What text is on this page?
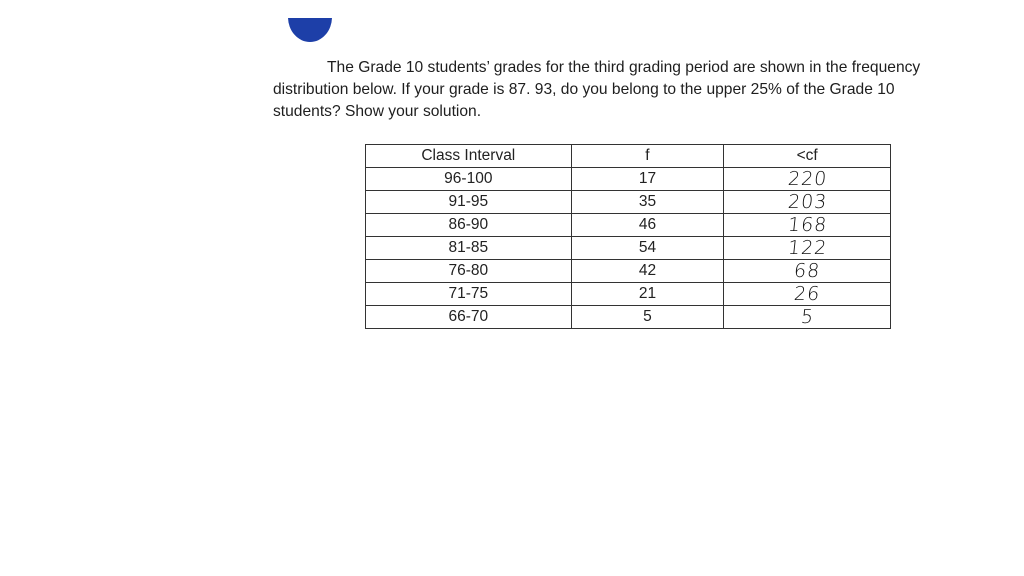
The Grade 10 students’ grades for the third grading period are shown in the frequency distribution below. If your grade is 87. 93, do you belong to the upper 25% of the Grade 10 students? Show your solution.

Class Interval	f	<cf
96-100	17	220
91-95	35	203
86-90	46	168
81-85	54	122
76-80	42	68
71-75	21	26
66-70	5	5
